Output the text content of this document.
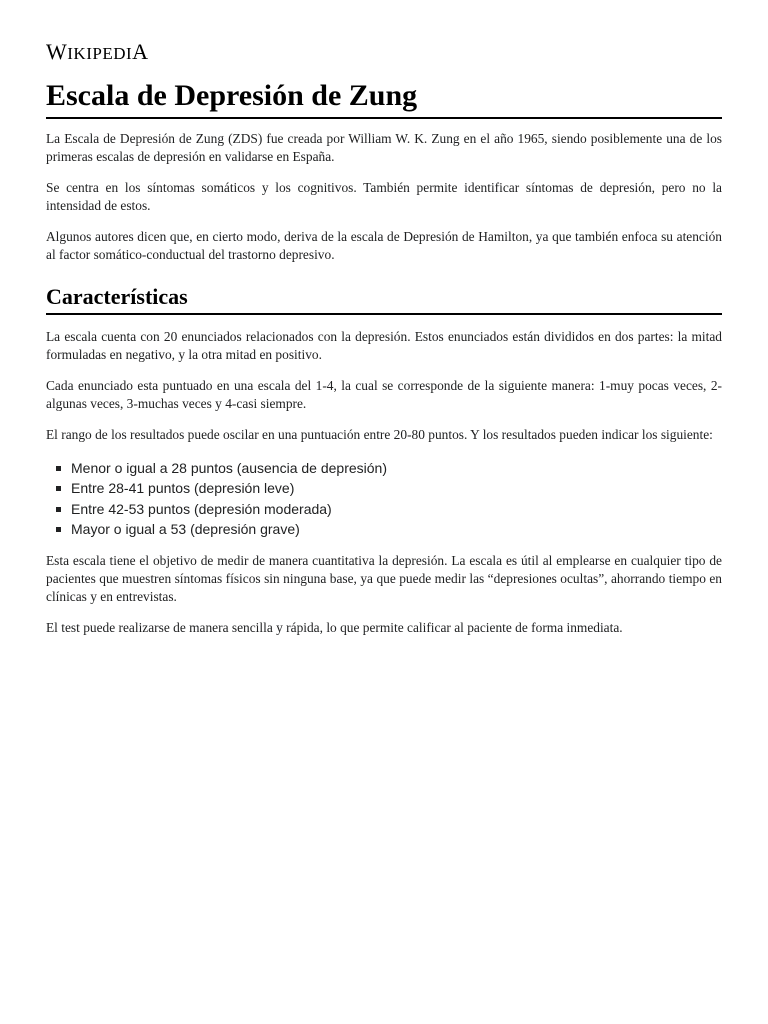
WIKIPEDIA
Escala de Depresión de Zung

La Escala de Depresión de Zung (ZDS) fue creada por William W. K. Zung en el año 1965, siendo posiblemente una de los primeras escalas de depresión en validarse en España.

Se centra en los síntomas somáticos y los cognitivos. También permite identificar síntomas de depresión, pero no la intensidad de estos.

Algunos autores dicen que, en cierto modo, deriva de la escala de Depresión de Hamilton, ya que también enfoca su atención al factor somático-conductual del trastorno depresivo.

Características

La escala cuenta con 20 enunciados relacionados con la depresión. Estos enunciados están divididos en dos partes: la mitad formuladas en negativo, y la otra mitad en positivo.

Cada enunciado esta puntuado en una escala del 1-4, la cual se corresponde de la siguiente manera: 1-muy pocas veces, 2-algunas veces, 3-muchas veces y 4-casi siempre.

El rango de los resultados puede oscilar en una puntuación entre 20-80 puntos. Y los resultados pueden indicar los siguiente:

Menor o igual a 28 puntos (ausencia de depresión)
Entre 28-41 puntos (depresión leve)
Entre 42-53 puntos (depresión moderada)
Mayor o igual a 53 (depresión grave)

Esta escala tiene el objetivo de medir de manera cuantitativa la depresión. La escala es útil al emplearse en cualquier tipo de pacientes que muestren síntomas físicos sin ninguna base, ya que puede medir las “depresiones ocultas”, ahorrando tiempo en clínicas y en entrevistas.

El test puede realizarse de manera sencilla y rápida, lo que permite calificar al paciente de forma inmediata.
